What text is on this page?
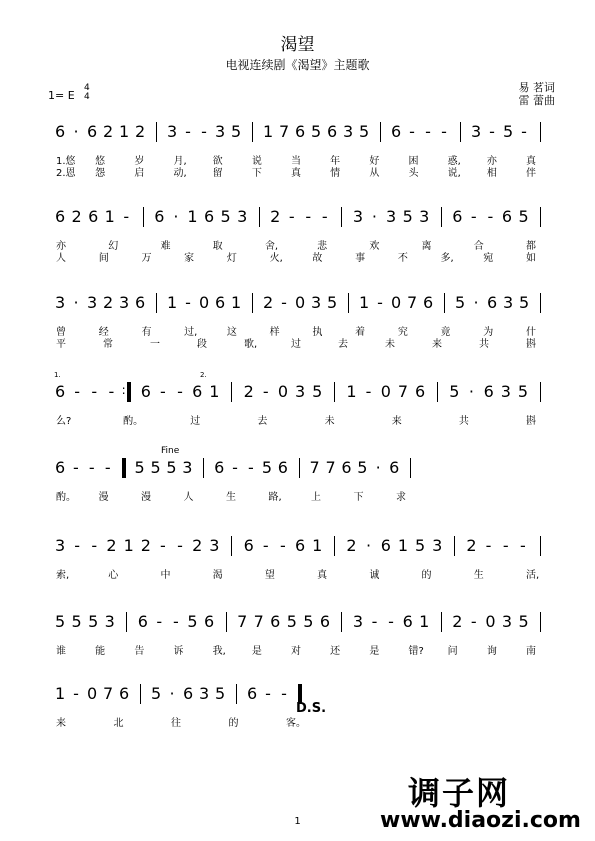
渴望
电视连续剧《渴望》主题歌
1= E
4
4
易 茗词
雷 蕾曲
Fine
D.S.
1.	2.
6 · 6 2 1 2 3 - - 3 5 1 7 6 5 6 3 5 6 - - - 3 - 5 -
1.悠 悠	岁	月,	欲	说	当	年	好	困	惑,	亦	真
2.恩 怨	启	动,	留	下	真	情	从	头	说,	相	伴
6 2 6 1 - 6 · 1 6 5 3 2 - - - 3 · 3 5 3 6 - - 6 5
亦	幻	难	取	舍,	悲	欢	离	合	都
人	间	万	家	灯	火,	故	事	不	多,	宛	如
3 · 3 2 3 6 1 - 0 6 1 2 - 0 3 5 1 - 0 7 6 5 · 6 3 5
曾	经	有	过,	这	样	执	着	究	竟	为	什
平	常	一	段	歌,	过	去	未	来	共	斟
6 - - - : 6 - - 6 1 2 - 0 3 5 1 - 0 7 6 5 · 6 3 5
么?	酌。	过	去	未	来	共	斟
6 - - - 5 5 5 3 6 - - 5 6 7 7 6 5 · 6
酌。 漫	漫	人	生	路,	上	下	求
3 - - 2 1 2 - - 2 3 6 - - 6 1 2 · 6 1 5 3 2 - - -
索,	心	中	渴	望	真	诚	的	生	活,
5 5 5 3 6 - - 5 6 7 7 6 5 5 6 3 - - 6 1 2 - 0 3 5
谁	能	告	诉	我,	是	对	还	是	错? 问	询	南
1 - 0 7 6 5 · 6 3 5 6 - -
来	北	往	的	客。
1
调子网
www.diaozi.com
